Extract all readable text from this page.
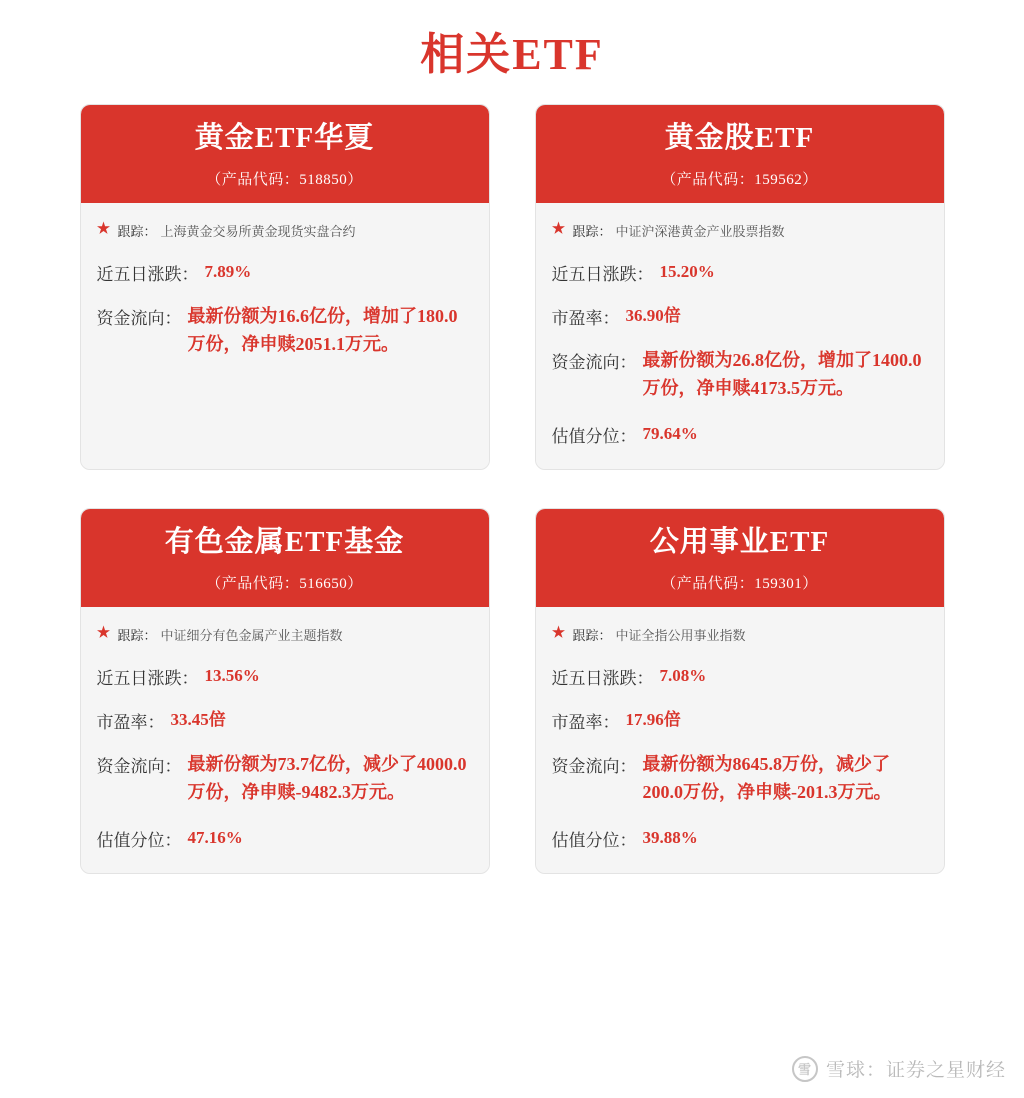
相关ETF
黄金ETF华夏
（产品代码：518850）
★ 跟踪： 上海黄金交易所黄金现货实盘合约
近五日涨跌： 7.89%
资金流向： 最新份额为16.6亿份，增加了180.0万份，净申赎2051.1万元。
黄金股ETF
（产品代码：159562）
★ 跟踪： 中证沪深港黄金产业股票指数
近五日涨跌： 15.20%
市盈率： 36.90倍
资金流向： 最新份额为26.8亿份，增加了1400.0万份，净申赎4173.5万元。
估值分位： 79.64%
有色金属ETF基金
（产品代码：516650）
★ 跟踪： 中证细分有色金属产业主题指数
近五日涨跌： 13.56%
市盈率： 33.45倍
资金流向： 最新份额为73.7亿份，减少了4000.0万份，净申赎-9482.3万元。
估值分位： 47.16%
公用事业ETF
（产品代码：159301）
★ 跟踪： 中证全指公用事业指数
近五日涨跌： 7.08%
市盈率： 17.96倍
资金流向： 最新份额为8645.8万份，减少了200.0万份，净申赎-201.3万元。
估值分位： 39.88%
雪 雪球：证券之星财经
